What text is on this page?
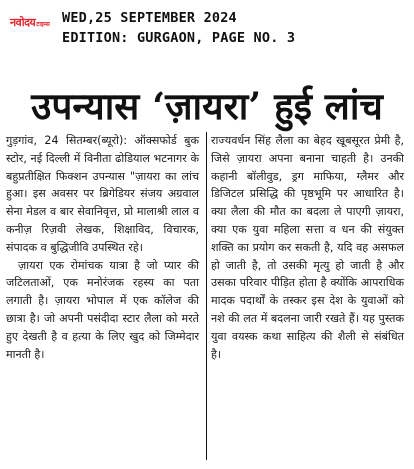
नवोदय टाइम्स WED,25 SEPTEMBER 2024
EDITION: GURGAON, PAGE NO. 3
उपन्यास ‘ज़ायरा’ हुई लांच

गुड़गांव, 24 सितम्बर(ब्यूरो): ऑक्सफोर्ड बुक स्टोर, नई दिल्ली में विनीता ढोडियाल भटनागर के बहुप्रतीक्षित फिक्शन उपन्यास "ज़ायरा का लांच हुआ। इस अवसर पर ब्रिगेडियर संजय अग्रवाल सेना मेडल व बार सेवानिवृत्त, प्रो मालाश्री लाल व कनीज़ रिज़वी लेखक, शिक्षाविद, विचारक, संपादक व बुद्धिजीवि उपस्थित रहे।

ज़ायरा एक रोमांचक यात्रा है जो प्यार की जटिलताओं, एक मनोरंजक रहस्य का पता लगाती है। ज़ायरा भोपाल में एक कॉलेज की छात्रा है। जो अपनी पसंदीदा स्टार लैला को मरते हुए देखती है व हत्या के लिए खुद को जिम्मेदार मानती है।

राज्यवर्धन सिंह लैला का बेहद खूबसूरत प्रेमी है, जिसे ज़ायरा अपना बनाना चाहती है। उनकी कहानी बॉलीवुड, ड्रग माफिया, ग्लैमर और डिजिटल प्रसिद्धि की पृष्ठभूमि पर आधारित है। क्या लैला की मौत का बदला ले पाएगी ज़ायरा, क्या एक युवा महिला सत्ता व धन की संयुक्त शक्ति का प्रयोग कर सकती है, यदि वह असफल हो जाती है, तो उसकी मृत्यु हो जाती है और उसका परिवार पीड़ित होता है क्योंकि आपराधिक मादक पदार्थों के तस्कर इस देश के युवाओं को नशे की लत में बदलना जारी रखते हैं। यह पुस्तक युवा वयस्क कथा साहित्य की शैली से संबंधित है।
